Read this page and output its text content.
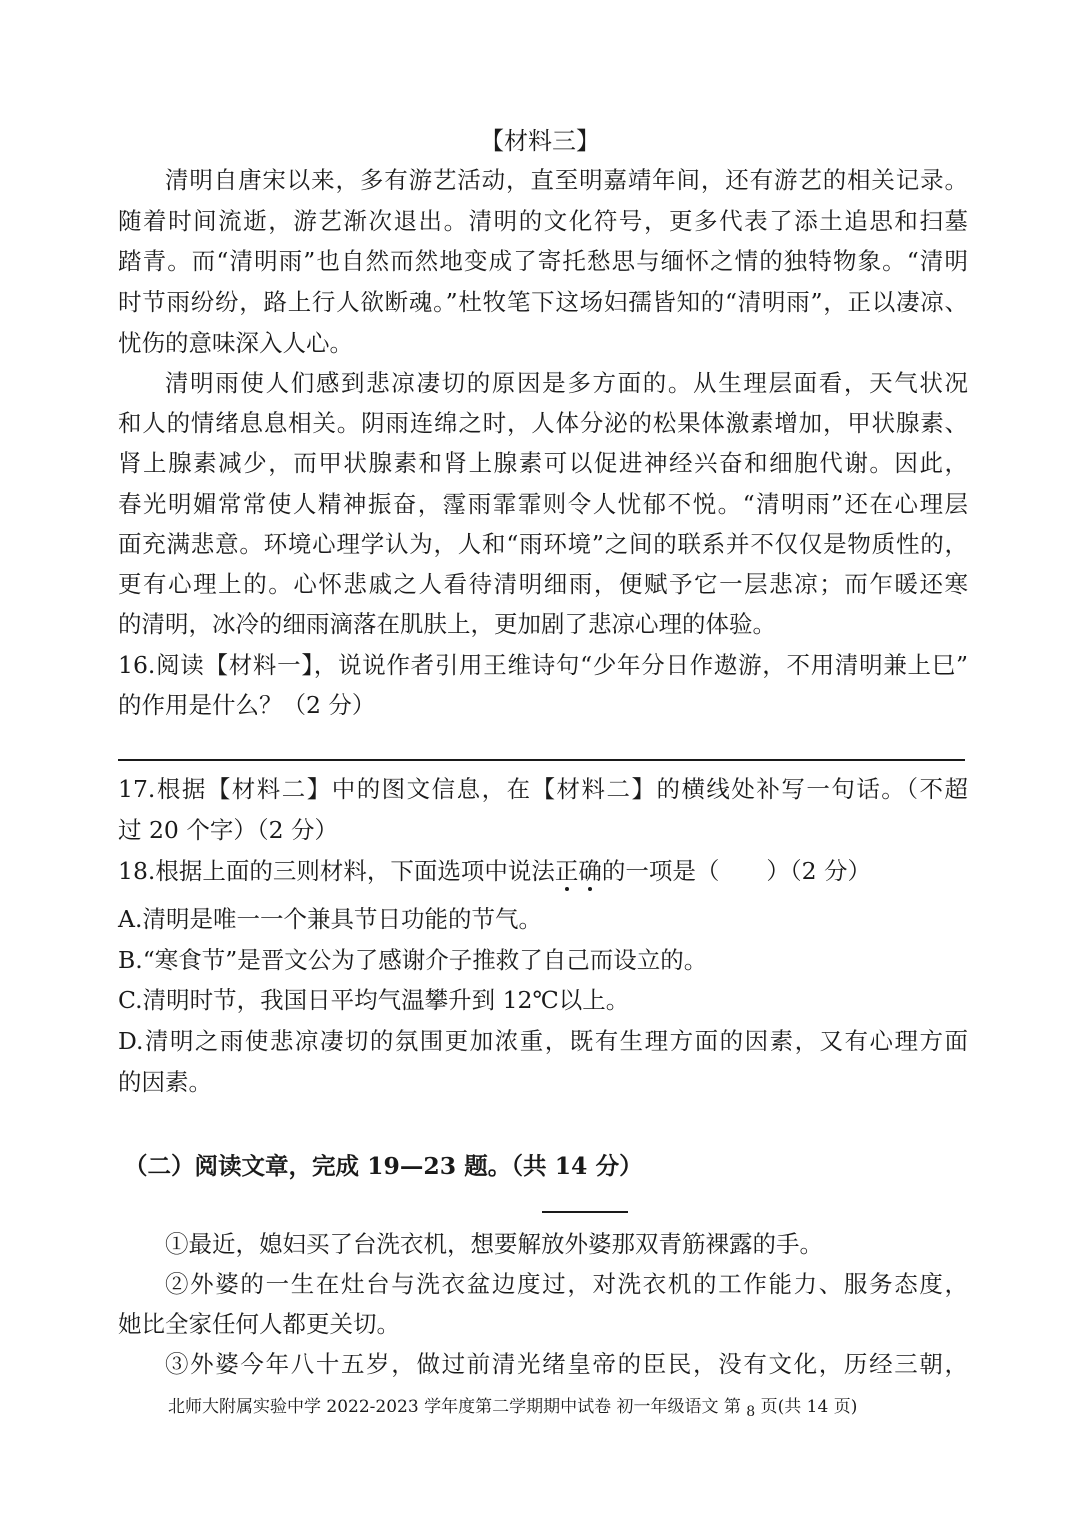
【材料三】
清明自唐宋以来，多有游艺活动，直至明嘉靖年间，还有游艺的相关记录。
随着时间流逝，游艺渐次退出。清明的文化符号，更多代表了添土追思和扫墓
踏青。而“清明雨”也自然而然地变成了寄托愁思与缅怀之情的独特物象。“清明
时节雨纷纷，路上行人欲断魂。”杜牧笔下这场妇孺皆知的“清明雨”，正以凄凉、
忧伤的意味深入人心。
清明雨使人们感到悲凉凄切的原因是多方面的。从生理层面看，天气状况
和人的情绪息息相关。阴雨连绵之时，人体分泌的松果体激素增加，甲状腺素、
肾上腺素减少，而甲状腺素和肾上腺素可以促进神经兴奋和细胞代谢。因此，
春光明媚常常使人精神振奋，霪雨霏霏则令人忧郁不悦。“清明雨”还在心理层
面充满悲意。环境心理学认为，人和“雨环境”之间的联系并不仅仅是物质性的，
更有心理上的。心怀悲戚之人看待清明细雨，便赋予它一层悲凉；而乍暖还寒
的清明，冰冷的细雨滴落在肌肤上，更加剧了悲凉心理的体验。
16.阅读【材料一】，说说作者引用王维诗句“少年分日作遨游，不用清明兼上巳”
的作用是什么？（2 分）
17.根据【材料二】中的图文信息，在【材料二】的横线处补写一句话。（不超
过 20 个字）（2 分）
18.根据上面的三则材料，下面选项中说法正确的一项是（　　）（2 分）
A.清明是唯一一个兼具节日功能的节气。
B.“寒食节”是晋文公为了感谢介子推救了自己而设立的。
C.清明时节，我国日平均气温攀升到 12℃以上。
D.清明之雨使悲凉凄切的氛围更加浓重，既有生理方面的因素，又有心理方面
的因素。
（二）阅读文章，完成 19—23 题。（共 14 分）
①最近，媳妇买了台洗衣机，想要解放外婆那双青筋裸露的手。
②外婆的一生在灶台与洗衣盆边度过，对洗衣机的工作能力、服务态度，
她比全家任何人都更关切。
③外婆今年八十五岁，做过前清光绪皇帝的臣民，没有文化，历经三朝，
北师大附属实验中学 2022-2023 学年度第二学期期中试卷 初一年级语文 第 8 页(共 14 页)
